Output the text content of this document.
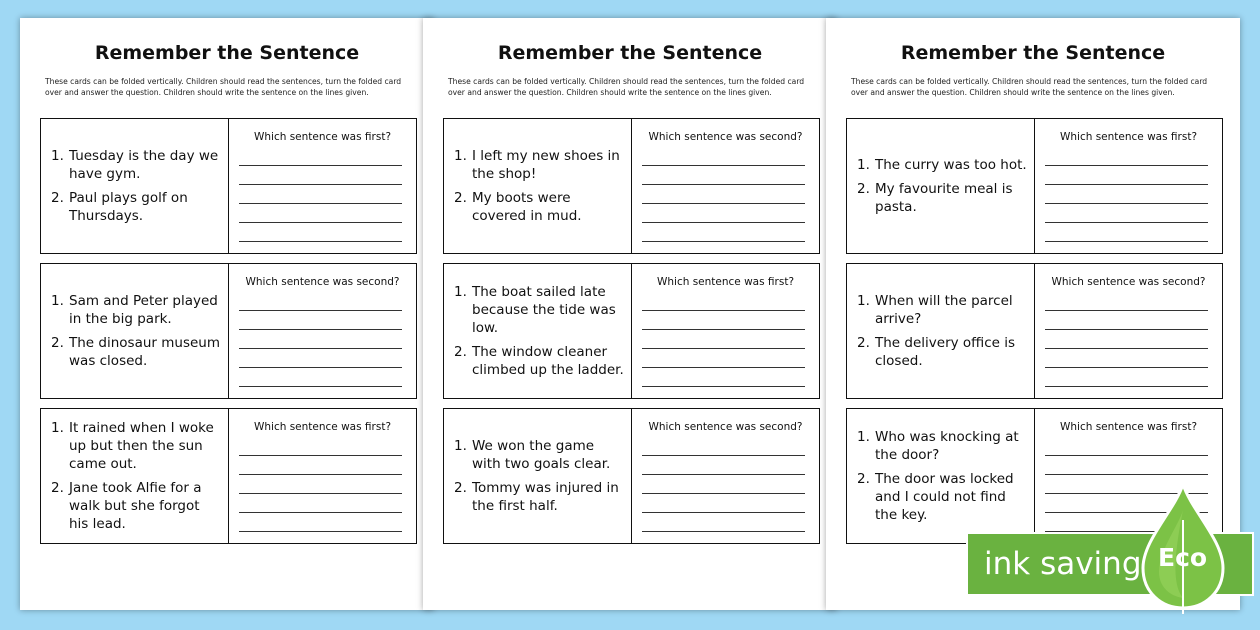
Remember the Sentence
These cards can be folded vertically. Children should read the sentences, turn the folded card over and answer the question. Children should write the sentence on the lines given.
1. Tuesday is the day we have gym.
2. Paul plays golf on Thursdays.
Which sentence was first?
1. Sam and Peter played in the big park.
2. The dinosaur museum was closed.
Which sentence was second?
1. It rained when I woke up but then the sun came out.
2. Jane took Alfie for a walk but she forgot his lead.
Which sentence was first?
Remember the Sentence
These cards can be folded vertically. Children should read the sentences, turn the folded card over and answer the question. Children should write the sentence on the lines given.
1. I left my new shoes in the shop!
2. My boots were covered in mud.
Which sentence was second?
1. The boat sailed late because the tide was low.
2. The window cleaner climbed up the ladder.
Which sentence was first?
1. We won the game with two goals clear.
2. Tommy was injured in the first half.
Which sentence was second?
Remember the Sentence
These cards can be folded vertically. Children should read the sentences, turn the folded card over and answer the question. Children should write the sentence on the lines given.
1. The curry was too hot.
2. My favourite meal is pasta.
Which sentence was first?
1. When will the parcel arrive?
2. The delivery office is closed.
Which sentence was second?
1. Who was knocking at the door?
2. The door was locked and I could not find the key.
Which sentence was first?
ink saving Eco
